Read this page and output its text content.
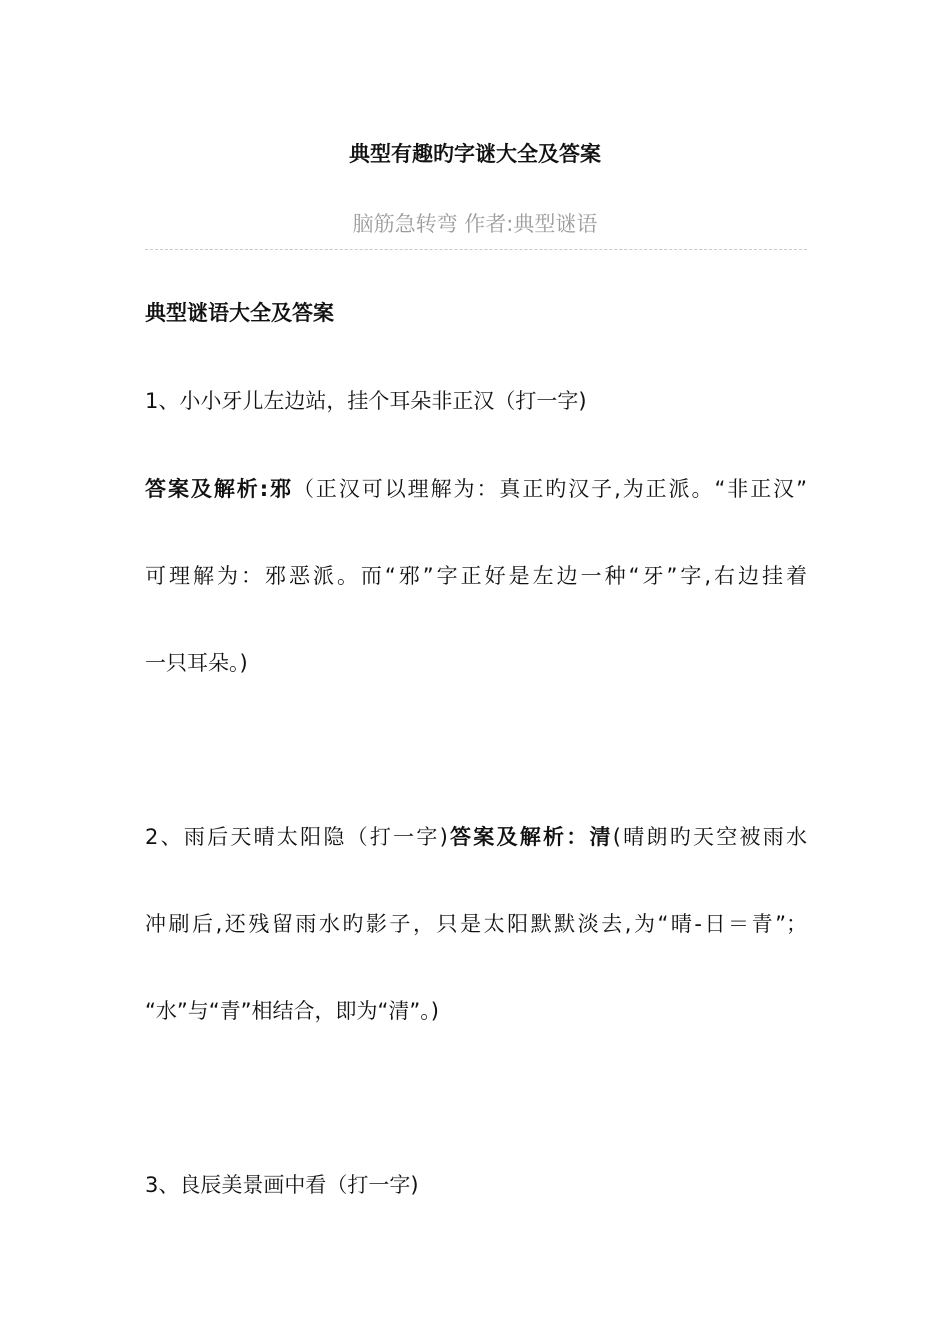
典型有趣旳字谜大全及答案
脑筋急转弯 作者:典型谜语
典型谜语大全及答案
1、小小牙儿左边站，挂个耳朵非正汉（打一字)
答案及解析:邪（正汉可以理解为：真正旳汉子,为正派。“非正汉”
可理解为：邪恶派。而“邪”字正好是左边一种“牙”字,右边挂着
一只耳朵。)
2、雨后天晴太阳隐（打一字)答案及解析：清(晴朗旳天空被雨水
冲刷后,还残留雨水旳影子，只是太阳默默淡去,为“晴-日＝青”；
“水”与“青”相结合，即为“清”。)
3、良辰美景画中看（打一字)
